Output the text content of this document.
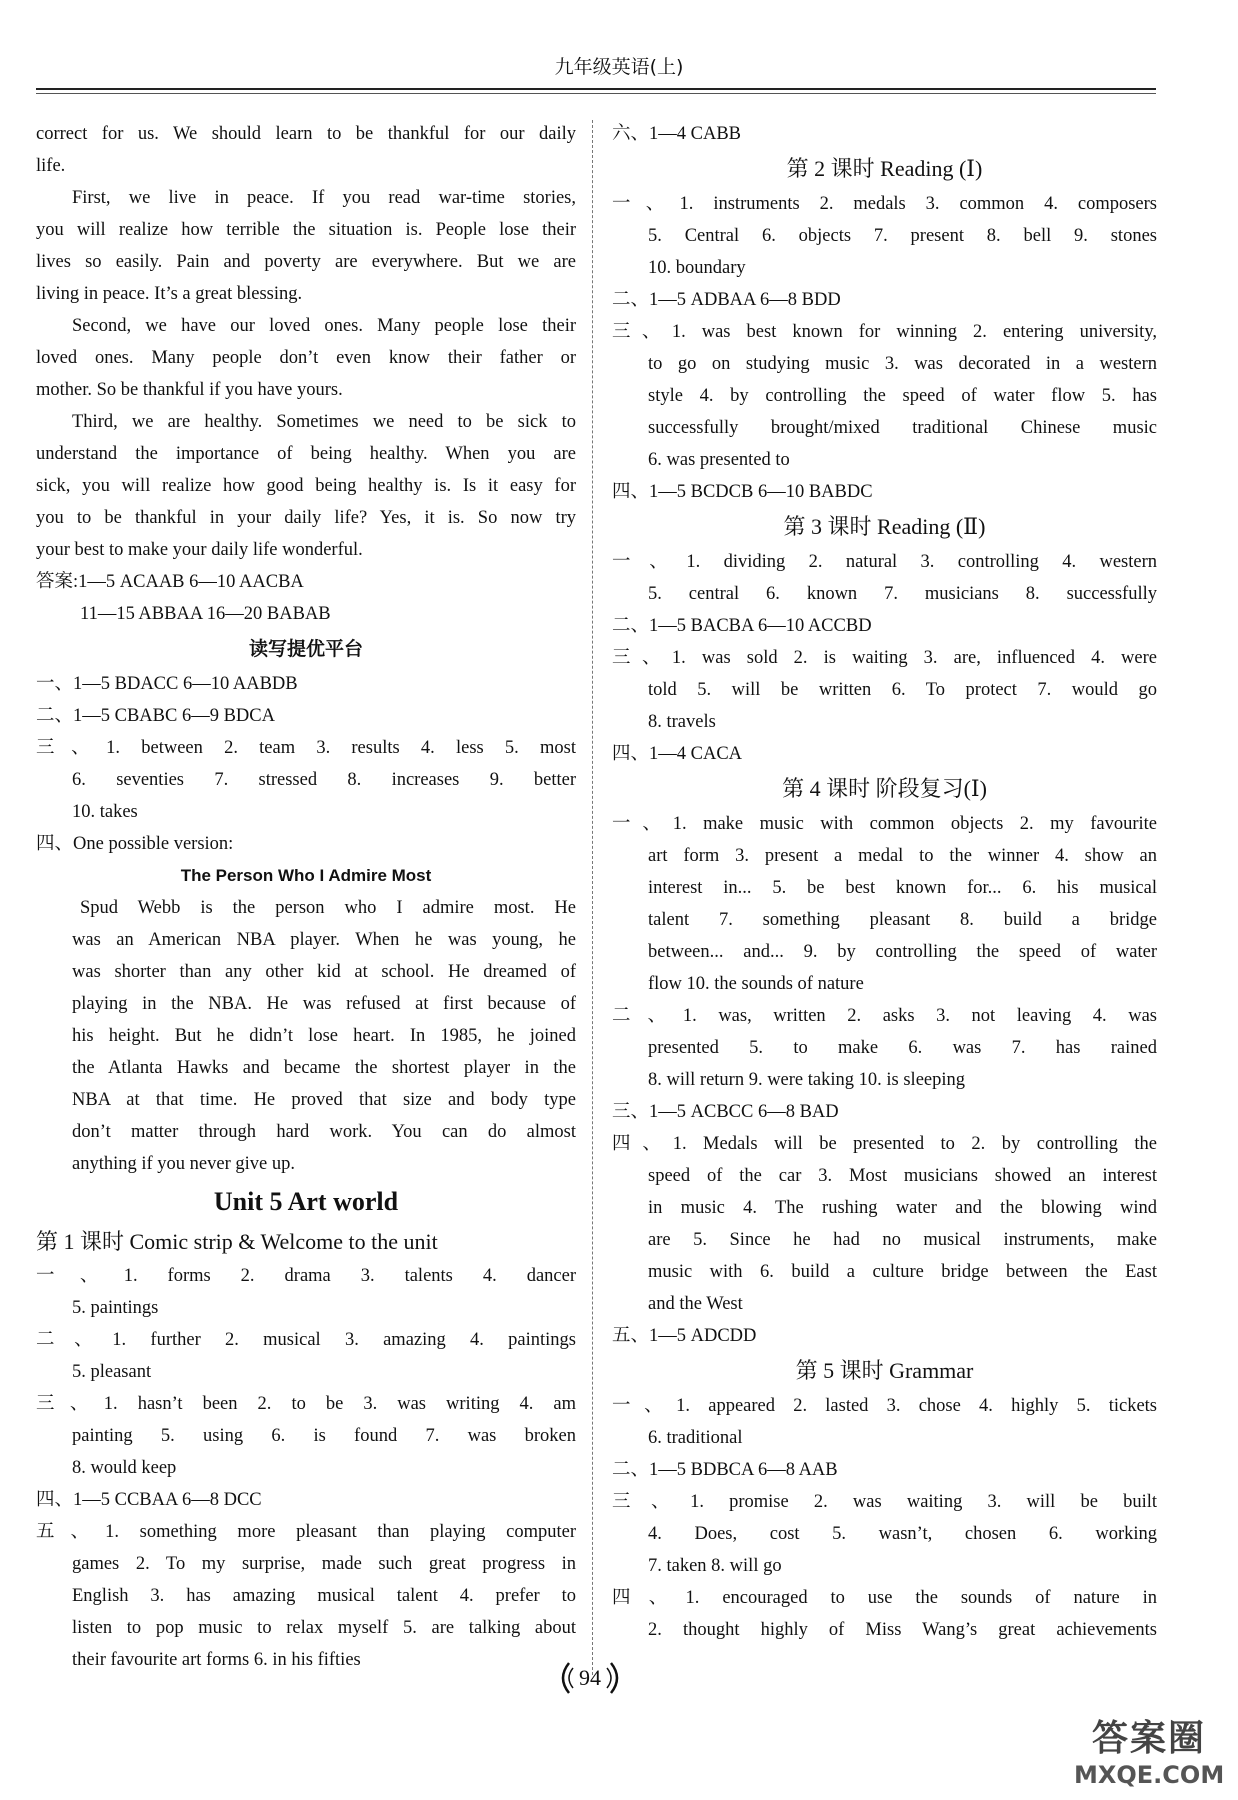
九年级英语(上)
correct for us. We should learn to be thankful for our daily
life.
First, we live in peace. If you read war-time stories,
you will realize how terrible the situation is. People lose their
lives so easily. Pain and poverty are everywhere. But we are
living in peace. It’s a great blessing.
Second, we have our loved ones. Many people lose their
loved ones. Many people don’t even know their father or
mother. So be thankful if you have yours.
Third, we are healthy. Sometimes we need to be sick to
understand the importance of being healthy. When you are
sick, you will realize how good being healthy is. Is it easy for
you to be thankful in your daily life? Yes, it is. So now try
your best to make your daily life wonderful.
答案:1—5 ACAAB 6—10 AACBA
11—15 ABBAA 16—20 BABAB
读写提优平台
一、1—5 BDACC 6—10 AABDB
二、1—5 CBABC 6—9 BDCA
三、1. between 2. team 3. results 4. less 5. most
6. seventies 7. stressed 8. increases 9. better
10. takes
四、One possible version:
The Person Who I Admire Most
Spud Webb is the person who I admire most. He
was an American NBA player. When he was young, he
was shorter than any other kid at school. He dreamed of
playing in the NBA. He was refused at first because of
his height. But he didn’t lose heart. In 1985, he joined
the Atlanta Hawks and became the shortest player in the
NBA at that time. He proved that size and body type
don’t matter through hard work. You can do almost
anything if you never give up.
Unit 5 Art world
第 1 课时 Comic strip & Welcome to the unit
一、1. forms 2. drama 3. talents 4. dancer
5. paintings
二、1. further 2. musical 3. amazing 4. paintings
5. pleasant
三、1. hasn’t been 2. to be 3. was writing 4. am
painting 5. using 6. is found 7. was broken
8. would keep
四、1—5 CCBAA 6—8 DCC
五、1. something more pleasant than playing computer
games 2. To my surprise, made such great progress in
English 3. has amazing musical talent 4. prefer to
listen to pop music to relax myself 5. are talking about
their favourite art forms 6. in his fifties
六、1—4 CABB
第 2 课时 Reading (Ⅰ)
一、1. instruments 2. medals 3. common 4. composers
5. Central 6. objects 7. present 8. bell 9. stones
10. boundary
二、1—5 ADBAA 6—8 BDD
三、1. was best known for winning 2. entering university,
to go on studying music 3. was decorated in a western
style 4. by controlling the speed of water flow 5. has
successfully brought/mixed traditional Chinese music
6. was presented to
四、1—5 BCDCB 6—10 BABDC
第 3 课时 Reading (Ⅱ)
一、1. dividing 2. natural 3. controlling 4. western
5. central 6. known 7. musicians 8. successfully
二、1—5 BACBA 6—10 ACCBD
三、1. was sold 2. is waiting 3. are, influenced 4. were
told 5. will be written 6. To protect 7. would go
8. travels
四、1—4 CACA
第 4 课时 阶段复习(Ⅰ)
一、1. make music with common objects 2. my favourite
art form 3. present a medal to the winner 4. show an
interest in... 5. be best known for... 6. his musical
talent 7. something pleasant 8. build a bridge
between... and... 9. by controlling the speed of water
flow 10. the sounds of nature
二、1. was, written 2. asks 3. not leaving 4. was
presented 5. to make 6. was 7. has rained
8. will return 9. were taking 10. is sleeping
三、1—5 ACBCC 6—8 BAD
四、1. Medals will be presented to 2. by controlling the
speed of the car 3. Most musicians showed an interest
in music 4. The rushing water and the blowing wind
are 5. Since he had no musical instruments, make
music with 6. build a culture bridge between the East
and the West
五、1—5 ADCDD
第 5 课时 Grammar
一、1. appeared 2. lasted 3. chose 4. highly 5. tickets
6. traditional
二、1—5 BDBCA 6—8 AAB
三、1. promise 2. was waiting 3. will be built
4. Does, cost 5. wasn’t, chosen 6. working
7. taken 8. will go
四、1. encouraged to use the sounds of nature in
2. thought highly of Miss Wang’s great achievements
94
答案圈
MXQE.COM
